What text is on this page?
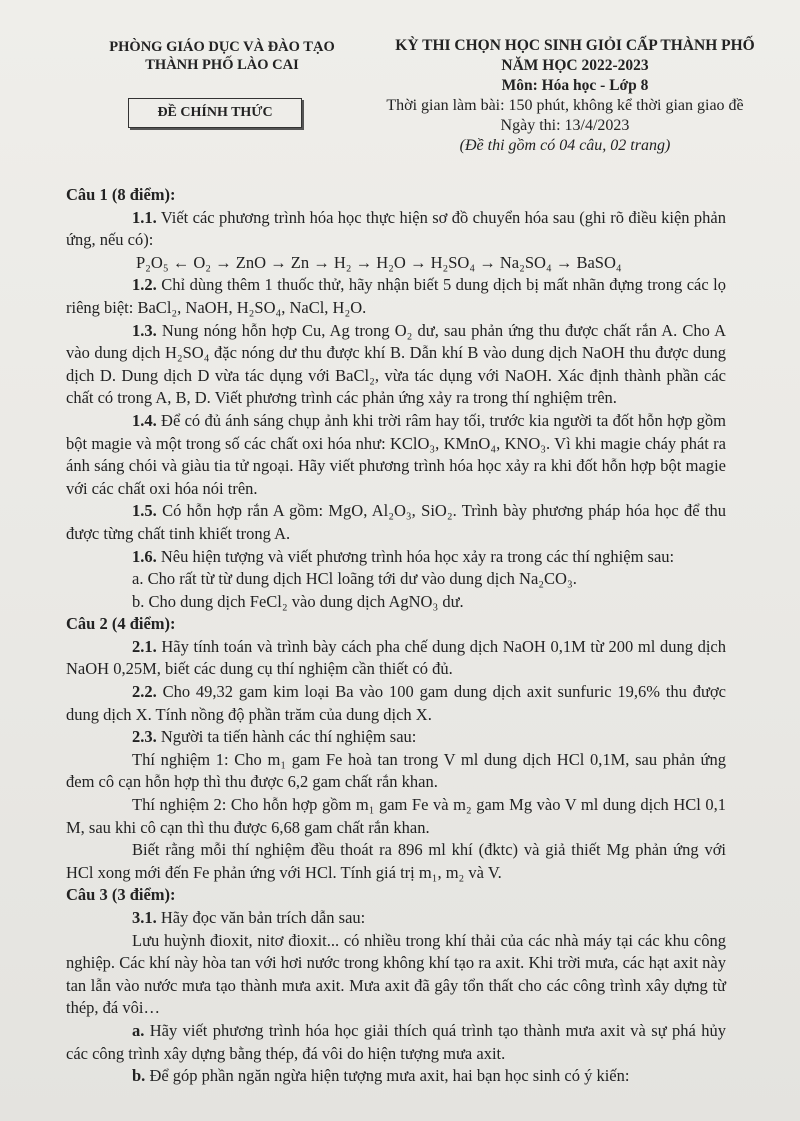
PHÒNG GIÁO DỤC VÀ ĐÀO TẠO
THÀNH PHỐ LÀO CAI
KỲ THI CHỌN HỌC SINH GIỎI CẤP THÀNH PHỐ
NĂM HỌC 2022-2023
Môn: Hóa học - Lớp 8
ĐỀ CHÍNH THỨC	Thời gian làm bài: 150 phút, không kể thời gian giao đề
Ngày thi: 13/4/2023
(Đề thi gồm có 04 câu, 02 trang)

Câu 1 (8 điểm):

1.1. Viết các phương trình hóa học thực hiện sơ đồ chuyển hóa sau (ghi rõ điều kiện phản ứng, nếu có):

P₂O₅ ← O₂ → ZnO → Zn → H₂ → H₂O → H₂SO₄ → Na₂SO₄ → BaSO₄

1.2. Chỉ dùng thêm 1 thuốc thử, hãy nhận biết 5 dung dịch bị mất nhãn đựng trong các lọ riêng biệt: BaCl₂, NaOH, H₂SO₄, NaCl, H₂O.

1.3. Nung nóng hỗn hợp Cu, Ag trong O₂ dư, sau phản ứng thu được chất rắn A. Cho A vào dung dịch H₂SO₄ đặc nóng dư thu được khí B. Dẫn khí B vào dung dịch NaOH thu được dung dịch D. Dung dịch D vừa tác dụng với BaCl₂, vừa tác dụng với NaOH. Xác định thành phần các chất có trong A, B, D. Viết phương trình các phản ứng xảy ra trong thí nghiệm trên.

1.4. Để có đủ ánh sáng chụp ảnh khi trời râm hay tối, trước kia người ta đốt hỗn hợp gồm bột magie và một trong số các chất oxi hóa như: KClO₃, KMnO₄, KNO₃. Vì khi magie cháy phát ra ánh sáng chói và giàu tia tử ngoại. Hãy viết phương trình hóa học xảy ra khi đốt hỗn hợp bột magie với các chất oxi hóa nói trên.

1.5. Có hỗn hợp rắn A gồm: MgO, Al₂O₃, SiO₂. Trình bày phương pháp hóa học để thu được từng chất tinh khiết trong A.

1.6. Nêu hiện tượng và viết phương trình hóa học xảy ra trong các thí nghiệm sau:

a. Cho rất từ từ dung dịch HCl loãng tới dư vào dung dịch Na₂CO₃.

b. Cho dung dịch FeCl₂ vào dung dịch AgNO₃ dư.

Câu 2 (4 điểm):

2.1. Hãy tính toán và trình bày cách pha chế dung dịch NaOH 0,1M từ 200 ml dung dịch NaOH 0,25M, biết các dung cụ thí nghiệm cần thiết có đủ.

2.2. Cho 49,32 gam kim loại Ba vào 100 gam dung dịch axit sunfuric 19,6% thu được dung dịch X. Tính nồng độ phần trăm của dung dịch X.

2.3. Người ta tiến hành các thí nghiệm sau:

Thí nghiệm 1: Cho m₁ gam Fe hoà tan trong V ml dung dịch HCl 0,1M, sau phản ứng đem cô cạn hỗn hợp thì thu được 6,2 gam chất rắn khan.

Thí nghiệm 2: Cho hỗn hợp gồm m₁ gam Fe và m₂ gam Mg vào V ml dung dịch HCl 0,1 M, sau khi cô cạn thì thu được 6,68 gam chất rắn khan.

Biết rằng mỗi thí nghiệm đều thoát ra 896 ml khí (đktc) và giả thiết Mg phản ứng với HCl xong mới đến Fe phản ứng với HCl. Tính giá trị m₁, m₂ và V.

Câu 3 (3 điểm):

3.1. Hãy đọc văn bản trích dẫn sau:

Lưu huỳnh đioxit, nitơ đioxit... có nhiều trong khí thải của các nhà máy tại các khu công nghiệp. Các khí này hòa tan với hơi nước trong không khí tạo ra axit. Khi trời mưa, các hạt axit này tan lẫn vào nước mưa tạo thành mưa axit. Mưa axit đã gây tổn thất cho các công trình xây dựng từ thép, đá vôi…

a. Hãy viết phương trình hóa học giải thích quá trình tạo thành mưa axit và sự phá hủy các công trình xây dựng bằng thép, đá vôi do hiện tượng mưa axit.

b. Để góp phần ngăn ngừa hiện tượng mưa axit, hai bạn học sinh có ý kiến:
